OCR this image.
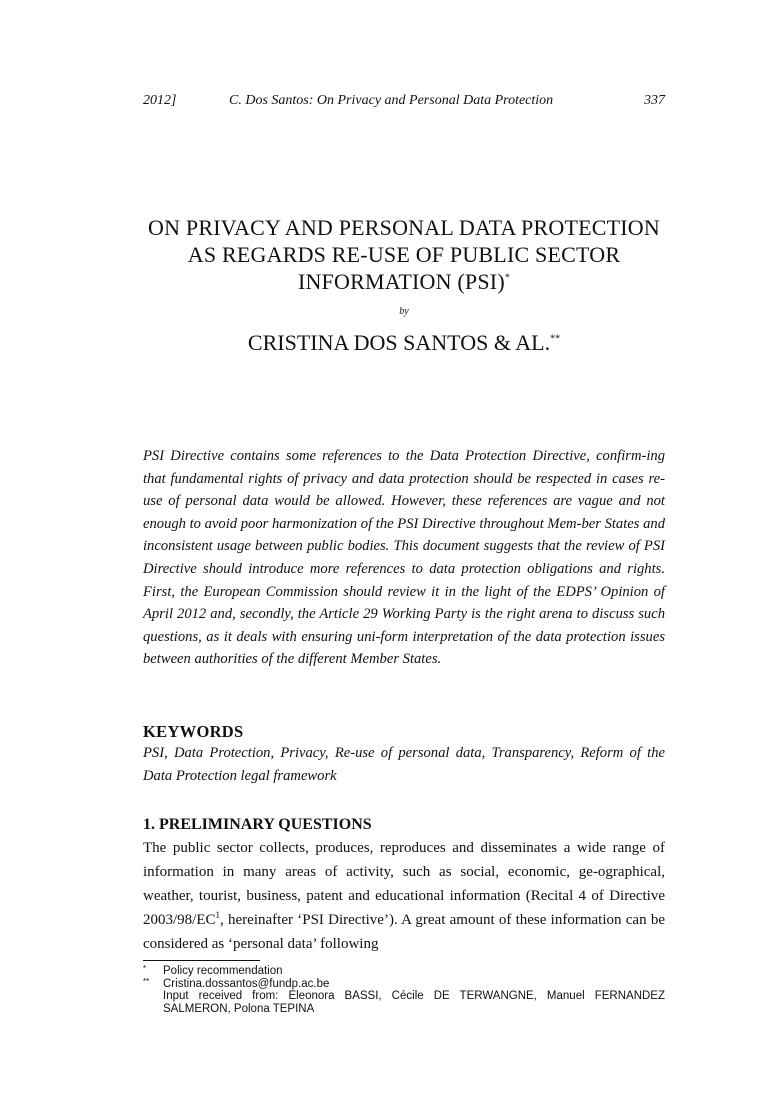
2012]	C. Dos Santos: On Privacy and Personal Data Protection	337
ON PRIVACY AND PERSONAL DATA PROTECTION
AS REGARDS RE-USE OF PUBLIC SECTOR
INFORMATION (PSI)*
by
CRISTINA DOS SANTOS & AL.**
PSI Directive contains some references to the Data Protection Directive, confirm-ing that fundamental rights of privacy and data protection should be respected in cases re-use of personal data would be allowed. However, these references are vague and not enough to avoid poor harmonization of the PSI Directive throughout Mem-ber States and inconsistent usage between public bodies. This document suggests that the review of PSI Directive should introduce more references to data protection obligations and rights. First, the European Commission should review it in the light of the EDPS’ Opinion of April 2012 and, secondly, the Article 29 Working Party is the right arena to discuss such questions, as it deals with ensuring uni-form interpretation of the data protection issues between authorities of the different Member States.
KEYWORDS
PSI, Data Protection, Privacy, Re-use of personal data, Transparency, Reform of the Data Protection legal framework
1. PRELIMINARY QUESTIONS
The public sector collects, produces, reproduces and disseminates a wide range of information in many areas of activity, such as social, economic, ge-ographical, weather, tourist, business, patent and educational information (Recital 4 of Directive $2003/98/EC^1$, hereinafter ‘PSI Directive’). A great amount of these information can be considered as ‘personal data’ following
* Policy recommendation
** Cristina.dossantos@fundp.ac.be
Input received from: Eleonora BASSI, Cécile DE TERWANGNE, Manuel FERNANDEZ SALMERON, Polona TEPINA
